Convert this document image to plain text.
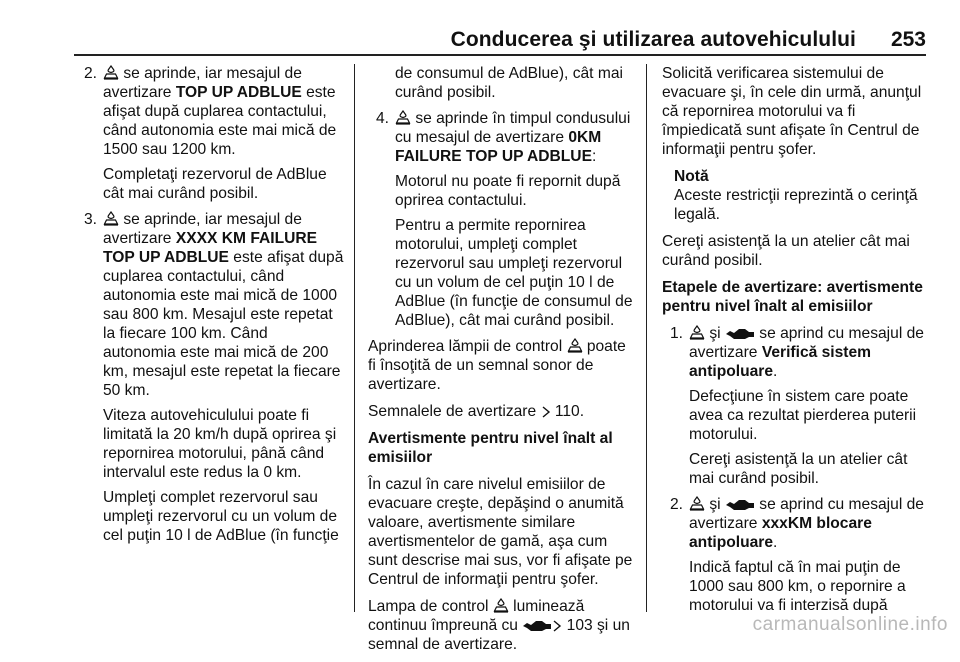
Conducerea şi utilizarea autovehiculului 253
2.	se aprinde, iar mesajul de avertizare TOP UP ADBLUE este afişat după cuplarea contactului, când autonomia este mai mică de 1500 sau 1200 km.

Completaţi rezervorul de AdBlue cât mai curând posibil.

3.	se aprinde, iar mesajul de avertizare XXXX KM FAILURE TOP UP ADBLUE este afişat după cuplarea contactului, când autonomia este mai mică de 1000 sau 800 km. Mesajul este repetat la fiecare 100 km. Când autonomia este mai mică de 200 km, mesajul este repetat la fiecare 50 km.

Viteza autovehiculului poate fi limitată la 20 km/h după oprirea şi repornirea motorului, până când intervalul este redus la 0 km.

Umpleţi complet rezervorul sau umpleţi rezervorul cu un volum de cel puţin 10 l de AdBlue (în funcţie

de consumul de AdBlue), cât mai curând posibil.

4.	se aprinde în timpul condusului cu mesajul de avertizare 0KM FAILURE TOP UP ADBLUE:

Motorul nu poate fi repornit după oprirea contactului.

Pentru a permite repornirea motorului, umpleţi complet rezervorul sau umpleţi rezervorul cu un volum de cel puţin 10 l de AdBlue (în funcţie de consumul de AdBlue), cât mai curând posibil.

Aprinderea lămpii de control
poate fi însoţită de un semnal sonor de avertizare.

Semnalele de avertizare
110.

Avertismente pentru nivel înalt al emisiilor

În cazul în care nivelul emisiilor de evacuare creşte, depăşind o anumită valoare, avertismente similare avertismentelor de gamă, aşa cum sunt descrise mai sus, vor fi afişate pe Centrul de informaţii pentru şofer.

Lampa de control
luminează continuu împreună cu	103 şi un semnal de avertizare.

Solicită verificarea sistemului de evacuare şi, în cele din urmă, anunţul că repornirea motorului va fi împiedicată sunt afişate în Centrul de informaţii pentru şofer.

Notă
Aceste restricţii reprezintă o cerinţă legală.

Cereţi asistenţă la un atelier cât mai curând posibil.

Etapele de avertizare: avertismente pentru nivel înalt al emisiilor

1.	şi
se aprind cu mesajul de avertizare Verifică sistem antipoluare.

Defecţiune în sistem care poate avea ca rezultat pierderea puterii motorului.

Cereţi asistenţă la un atelier cât mai curând posibil.

2.	şi
se aprind cu mesajul de avertizare xxxKM blocare antipoluare.

Indică faptul că în mai puţin de 1000 sau 800 km, o repornire a motorului va fi interzisă după

carmanualsonline.info
